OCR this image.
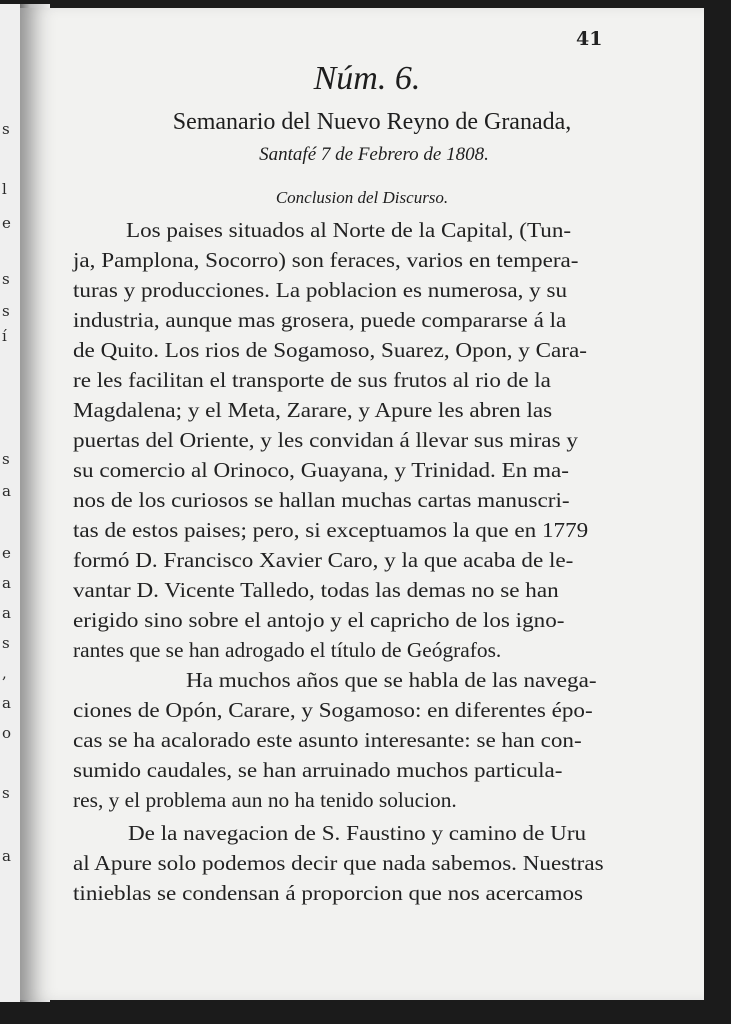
s
l
e
s
s
í
s
a
e
a
a
s
,
a
o
s
a
41
Núm. 6.
Semanario del Nuevo Reyno de Granada,
Santafé 7 de Febrero de 1808.
Conclusion del Discurso.
Los paises situados al Norte de la Capital, (Tun-
ja, Pamplona, Socorro) son feraces, varios en tempera-
turas y producciones. La poblacion es numerosa, y su
industria, aunque mas grosera, puede compararse á la
de Quito. Los rios de Sogamoso, Suarez, Opon, y Cara-
re les facilitan el transporte de sus frutos al rio de la
Magdalena; y el Meta, Zarare, y Apure les abren las
puertas del Oriente, y les convidan á llevar sus miras y
su comercio al Orinoco, Guayana, y Trinidad. En ma-
nos de los curiosos se hallan muchas cartas manuscri-
tas de estos paises; pero, si exceptuamos la que en 1779
formó D. Francisco Xavier Caro, y la que acaba de le-
vantar D. Vicente Talledo, todas las demas no se han
erigido sino sobre el antojo y el capricho de los igno-
rantes que se han adrogado el título de Geógrafos.
Ha muchos años que se habla de las navega-
ciones de Opón, Carare, y Sogamoso: en diferentes épo-
cas se ha acalorado este asunto interesante: se han con-
sumido caudales, se han arruinado muchos particula-
res, y el problema aun no ha tenido solucion.
De la navegacion de S. Faustino y camino de Uru
al Apure solo podemos decir que nada sabemos. Nuestras
tinieblas se condensan á proporcion que nos acercamos
